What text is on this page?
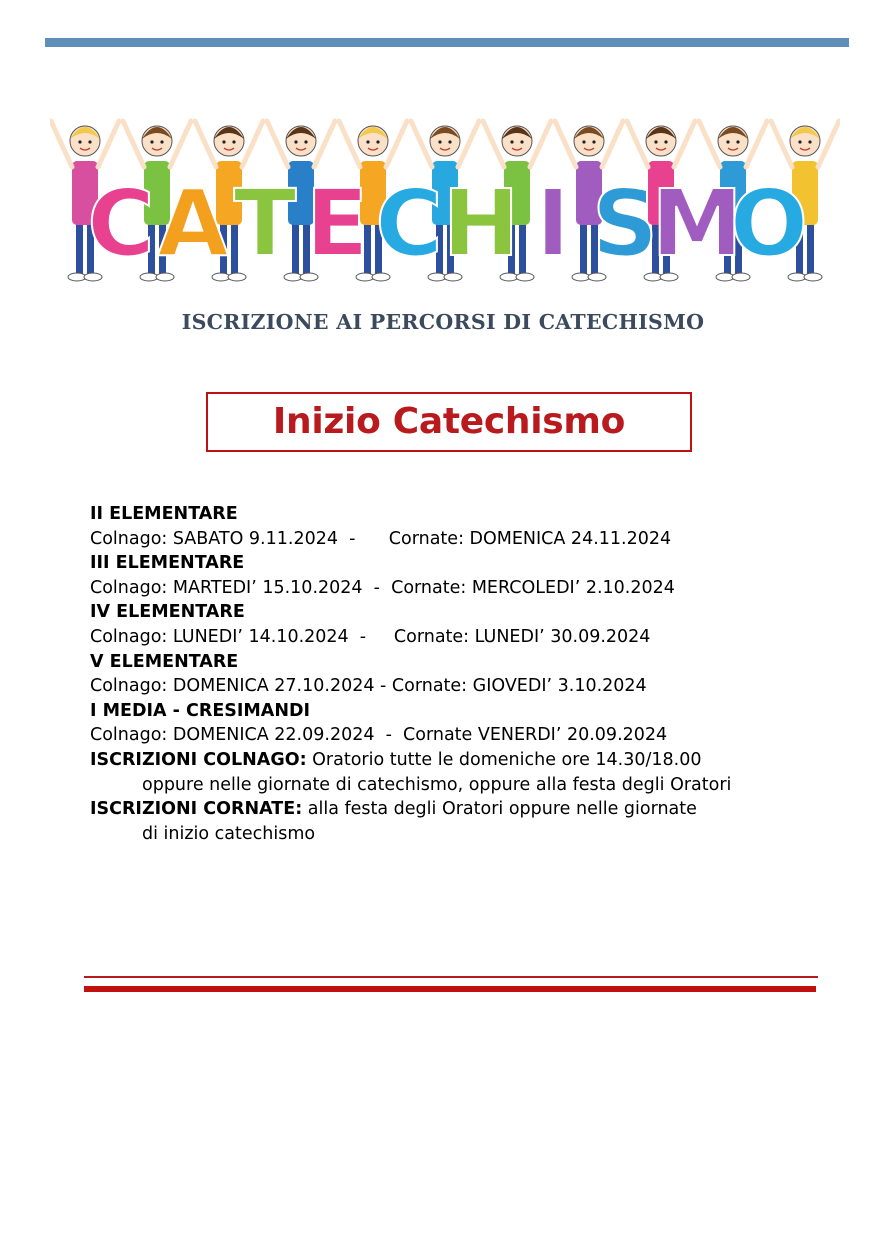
C A T E C H I S
M
O
ISCRIZIONE AI PERCORSI DI CATECHISMO
Inizio Catechismo
II ELEMENTARE
Colnago: SABATO 9.11.2024  -      Cornate: DOMENICA 24.11.2024
III ELEMENTARE
Colnago: MARTEDI’ 15.10.2024  -  Cornate: MERCOLEDI’ 2.10.2024
IV ELEMENTARE
Colnago: LUNEDI’ 14.10.2024  -     Cornate: LUNEDI’ 30.09.2024
V ELEMENTARE
Colnago: DOMENICA 27.10.2024 - Cornate: GIOVEDI’ 3.10.2024
I MEDIA - CRESIMANDI
Colnago: DOMENICA 22.09.2024  -  Cornate VENERDI’ 20.09.2024
ISCRIZIONI COLNAGO: Oratorio tutte le domeniche ore 14.30/18.00
oppure nelle giornate di catechismo, oppure alla festa degli Oratori
ISCRIZIONI CORNATE: alla festa degli Oratori oppure nelle giornate
di inizio catechismo
